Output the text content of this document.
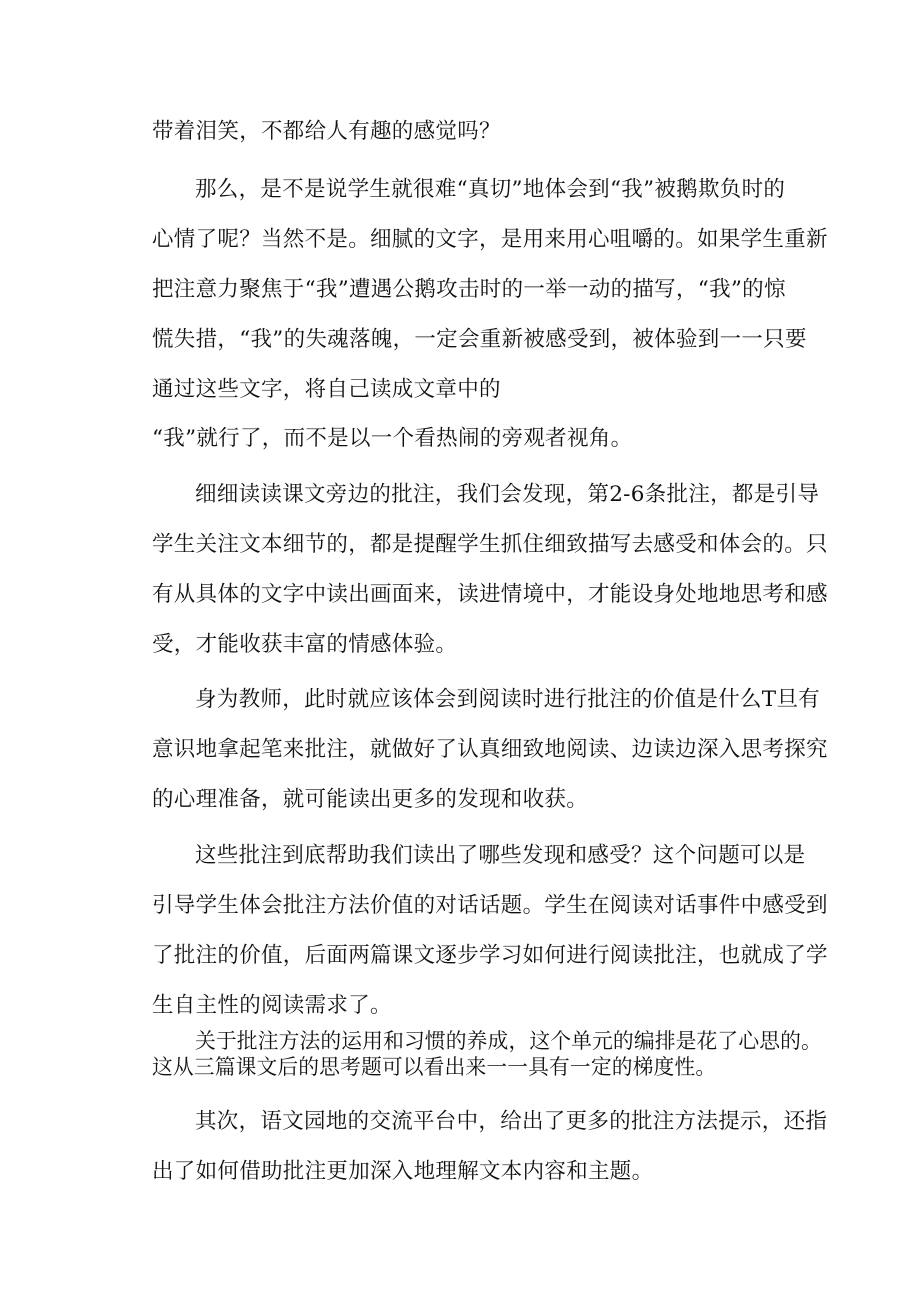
带着泪笑，不都给人有趣的感觉吗？
那么，是不是说学生就很难“真切”地体会到“我”被鹅欺负时的
心情了呢？当然不是。细腻的文字，是用来用心咀嚼的。如果学生重新
把注意力聚焦于“我”遭遇公鹅攻击时的一举一动的描写，“我”的惊
慌失措，“我”的失魂落魄，一定会重新被感受到，被体验到一一只要
通过这些文字，将自己读成文章中的
“我”就行了，而不是以一个看热闹的旁观者视角。
细细读读课文旁边的批注，我们会发现，第2-6条批注，都是引导
学生关注文本细节的，都是提醒学生抓住细致描写去感受和体会的。只
有从具体的文字中读出画面来，读进情境中，才能设身处地地思考和感
受，才能收获丰富的情感体验。
身为教师，此时就应该体会到阅读时进行批注的价值是什么T旦有
意识地拿起笔来批注，就做好了认真细致地阅读、边读边深入思考探究
的心理准备，就可能读出更多的发现和收获。
这些批注到底帮助我们读出了哪些发现和感受？这个问题可以是
引导学生体会批注方法价值的对话话题。学生在阅读对话事件中感受到
了批注的价值，后面两篇课文逐步学习如何进行阅读批注，也就成了学
生自主性的阅读需求了。
关于批注方法的运用和习惯的养成，这个单元的编排是花了心思的。
这从三篇课文后的思考题可以看出来一一具有一定的梯度性。
其次，语文园地的交流平台中，给出了更多的批注方法提示，还指
出了如何借助批注更加深入地理解文本内容和主题。
